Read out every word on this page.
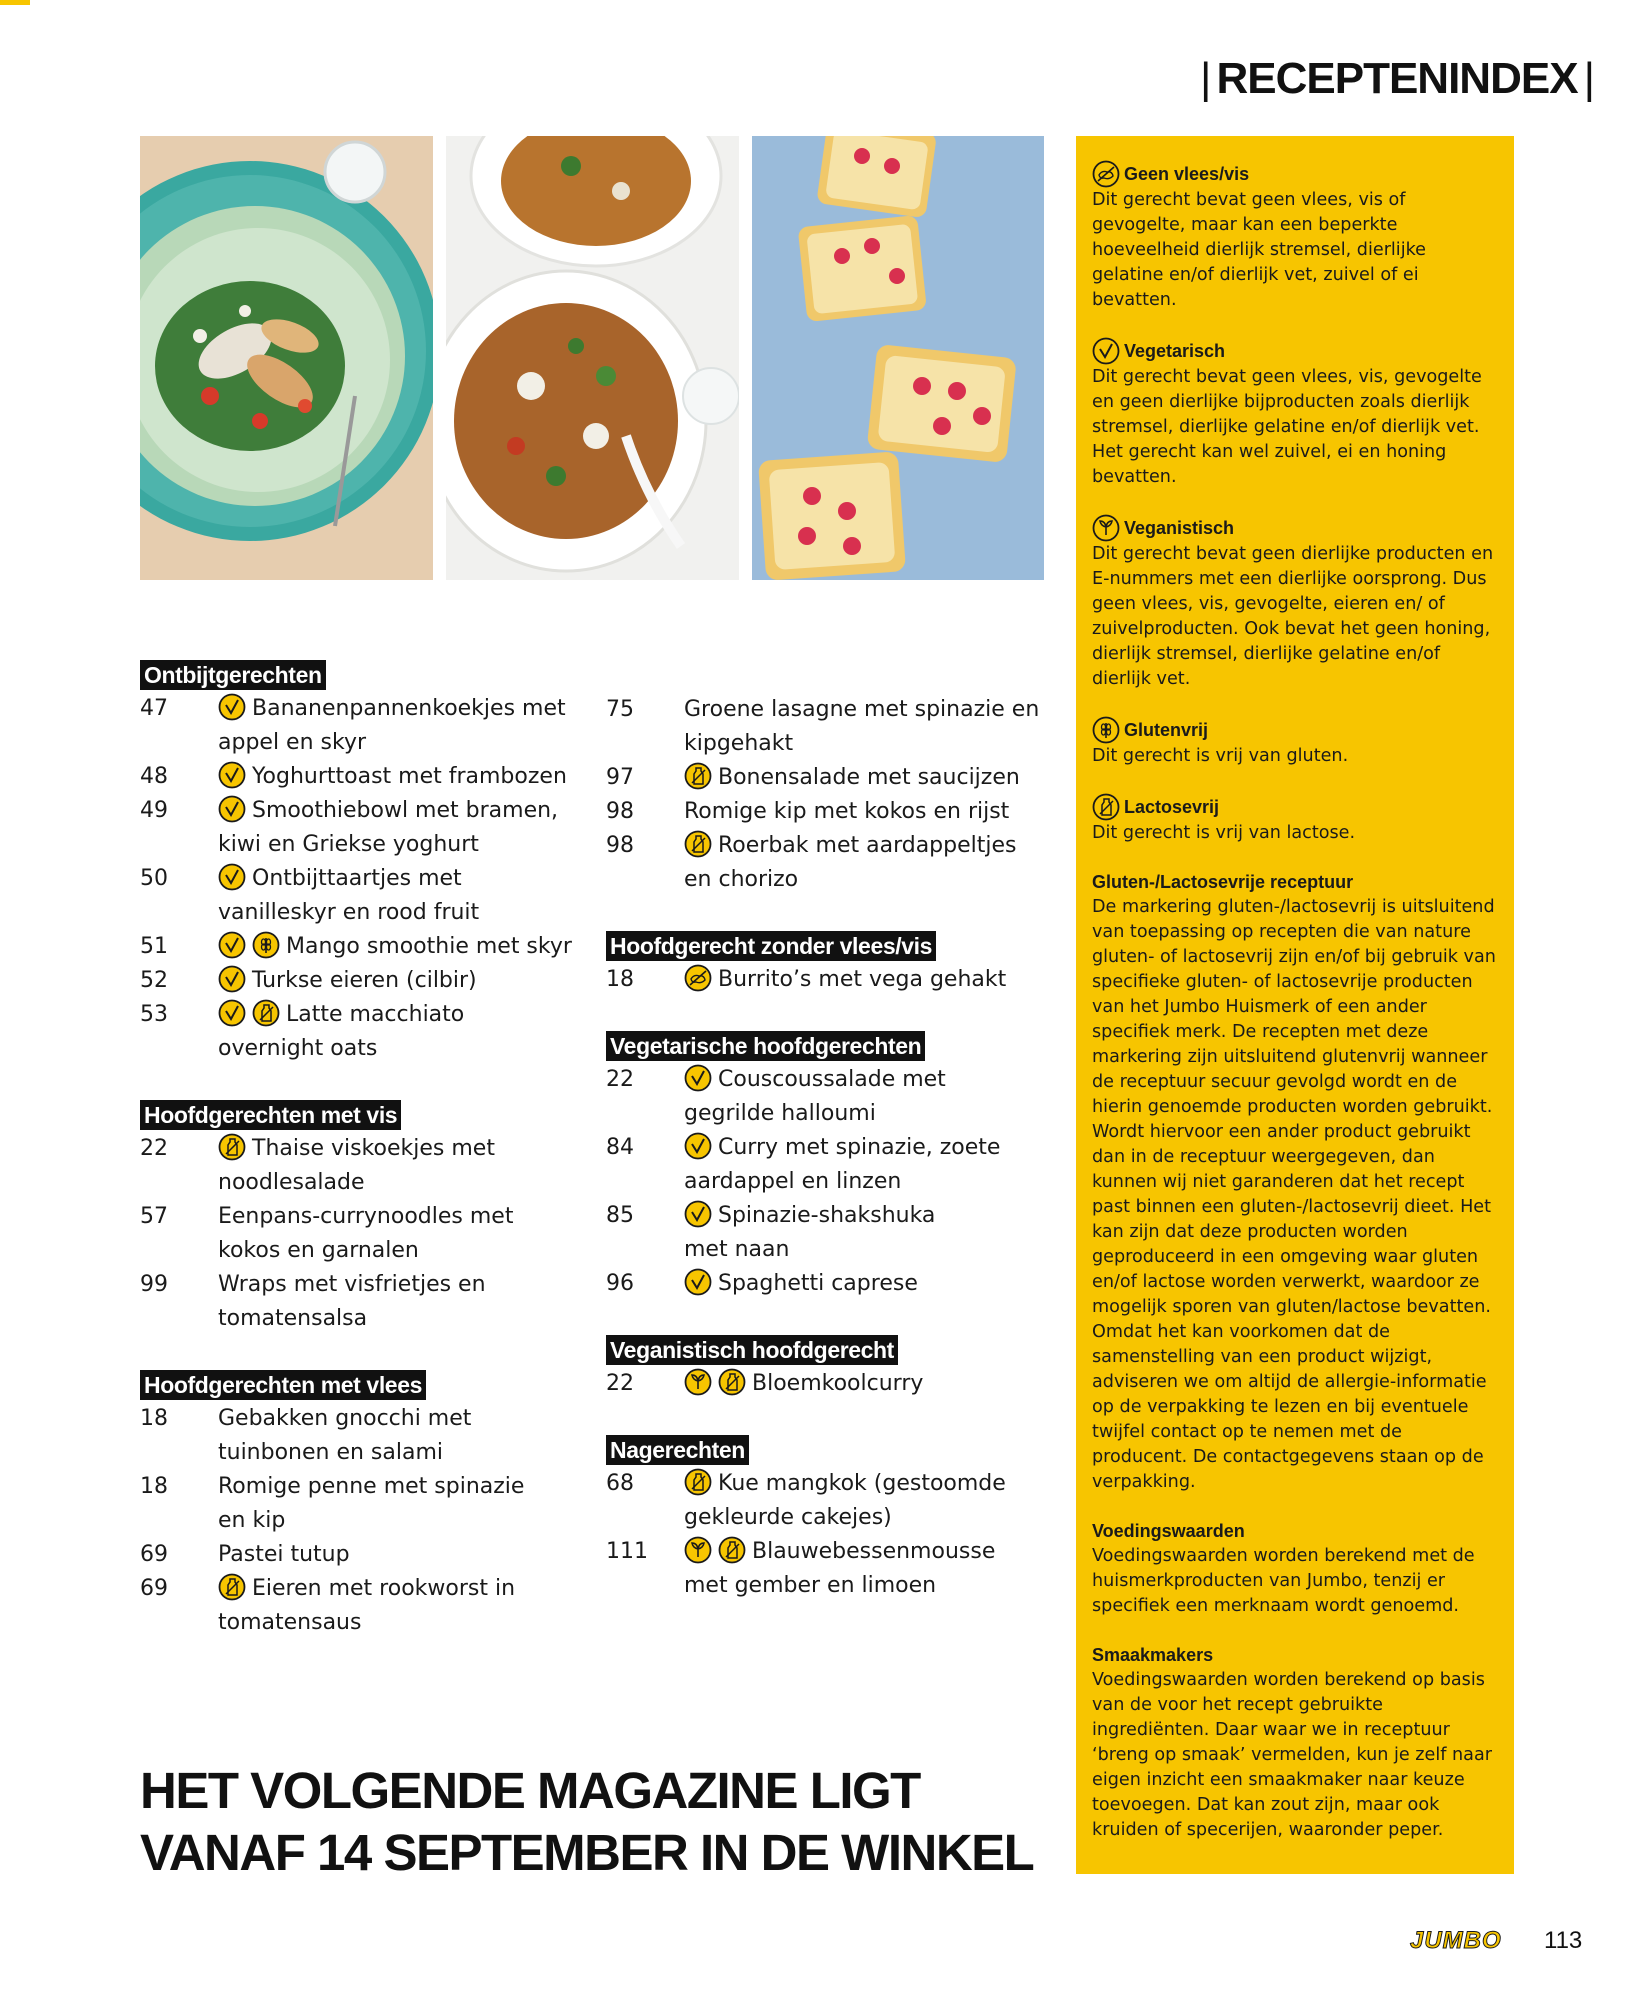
| RECEPTENINDEX |
Ontbijtgerechten
47	Bananenpannenkoekjes met
appel en skyr
48	Yoghurttoast met frambozen
49	Smoothiebowl met bramen,
kiwi en Griekse yoghurt
50	Ontbijttaartjes met
vanilleskyr en rood fruit
51	Mango smoothie met skyr
52	Turkse eieren (cilbir)
53	Latte macchiato
overnight oats
Hoofdgerechten met vis
22	Thaise viskoekjes met
noodlesalade
57	Eenpans-currynoodles met
kokos en garnalen
99	Wraps met visfrietjes en
tomatensalsa
Hoofdgerechten met vlees
18	Gebakken gnocchi met
tuinbonen en salami
18	Romige penne met spinazie
en kip
69	Pastei tutup
69	Eieren met rookworst in
tomatensaus
75	Groene lasagne met spinazie en
kipgehakt
97	Bonensalade met saucijzen
98	Romige kip met kokos en rijst
98	Roerbak met aardappeltjes
en chorizo
Hoofdgerecht zonder vlees/vis
18	Burrito’s met vega gehakt
Vegetarische hoofdgerechten
22	Couscoussalade met
gegrilde halloumi
84	Curry met spinazie, zoete
aardappel en linzen
85	Spinazie-shakshuka
met naan
96	Spaghetti caprese
Veganistisch hoofdgerecht
22	Bloemkoolcurry
Nagerechten
68	Kue mangkok (gestoomde
gekleurde cakejes)
111	Blauwebessenmousse
met gember en limoen
Geen vlees/vis
Dit gerecht bevat geen vlees, vis of gevogelte, maar kan een beperkte hoeveelheid dierlijk stremsel, dierlijke gelatine en/of dierlijk vet, zuivel of ei bevatten.
Vegetarisch
Dit gerecht bevat geen vlees, vis, gevogelte en geen dierlijke bijproducten zoals dierlijk stremsel, dierlijke gelatine en/of dierlijk vet. Het gerecht kan wel zuivel, ei en honing bevatten.
Veganistisch
Dit gerecht bevat geen dierlijke producten en E-nummers met een dierlijke oorsprong. Dus geen vlees, vis, gevogelte, eieren en/ of zuivelproducten. Ook bevat het geen honing, dierlijk stremsel, dierlijke gelatine en/of dierlijk vet.
Glutenvrij
Dit gerecht is vrij van gluten.
Lactosevrij
Dit gerecht is vrij van lactose.
Gluten-/Lactosevrije receptuur
De markering gluten-/lactosevrij is uitsluitend van toepassing op recepten die van nature gluten- of lactosevrij zijn en/of bij gebruik van specifieke gluten- of lactosevrije producten van het Jumbo Huismerk of een ander specifiek merk. De recepten met deze markering zijn uitsluitend glutenvrij wanneer de receptuur secuur gevolgd wordt en de hierin genoemde producten worden gebruikt. Wordt hiervoor een ander product gebruikt dan in de receptuur weergegeven, dan kunnen wij niet garanderen dat het recept past binnen een gluten-/lactosevrij dieet. Het kan zijn dat deze producten worden geproduceerd in een omgeving waar gluten en/of lactose worden verwerkt, waardoor ze mogelijk sporen van gluten/lactose bevatten. Omdat het kan voorkomen dat de samenstelling van een product wijzigt, adviseren we om altijd de allergie-informatie op de verpakking te lezen en bij eventuele twijfel contact op te nemen met de producent. De contactgegevens staan op de verpakking.
Voedingswaarden
Voedingswaarden worden berekend met de huismerkproducten van Jumbo, tenzij er specifiek een merknaam wordt genoemd.
Smaakmakers
Voedingswaarden worden berekend op basis van de voor het recept gebruikte ingrediënten. Daar waar we in receptuur ‘breng op smaak’ vermelden, kun je zelf naar eigen inzicht een smaakmaker naar keuze toevoegen. Dat kan zout zijn, maar ook kruiden of specerijen, waaronder peper.
HET VOLGENDE MAGAZINE LIGT
VANAF 14 SEPTEMBER IN DE WINKEL
JUMBO 113
